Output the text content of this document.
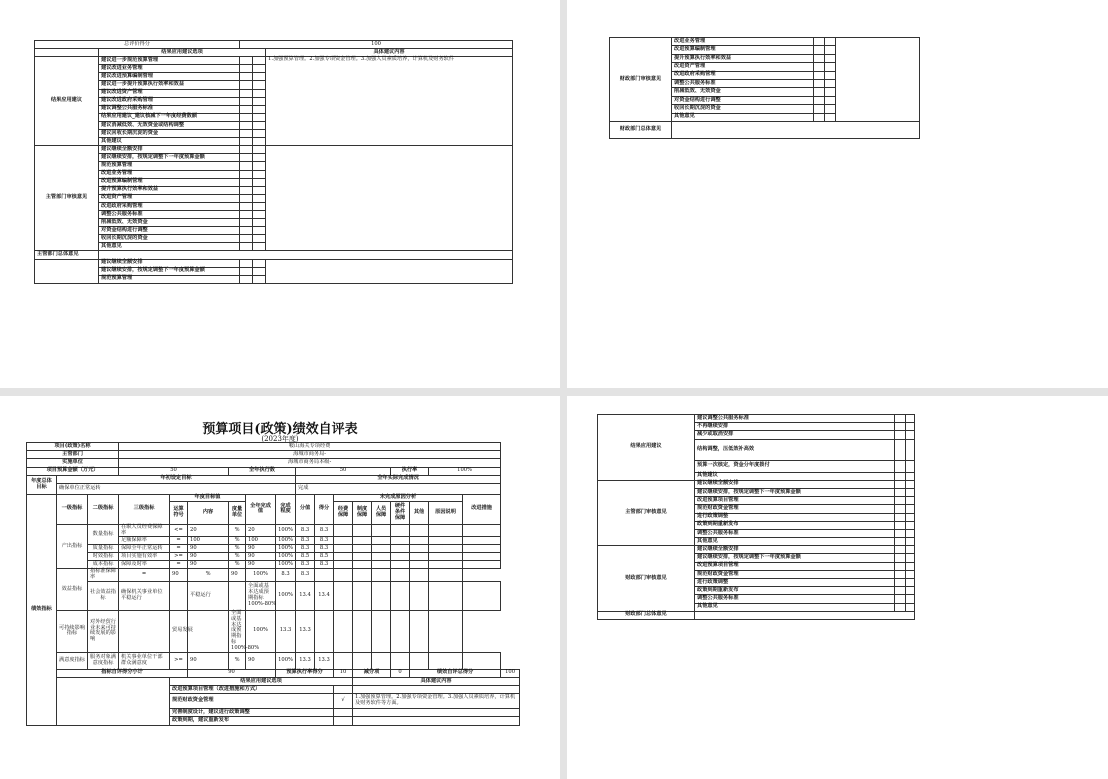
总评价得分		100		
	结果应用建议选项			具体建议内容
结果应用建议	建议进一步规范预算管理			1.加强预算管理。2.加强专项资金管理。3.加强人员素质培养，计算机及财务软件
	建议改进业务管理			
	建议改进预算编制管理			
	建议进一步提升预算执行效率和效益			
	建议改进资产管理			
	建议改进政府采购管理			
	建议调整公共服务标准			
	结果应用建议_建议核减下一年度经费数额			
	建议消减低效、无效资金或结构调整			
	建议回收长期沉淀的资金			
	其他建议			
主管部门审核意见	建议继续全额安排			
	建议继续安排，按规定调整下一年度预算金额			
	规范预算管理			
	改进业务管理			
	改进预算编制管理			
	提升预算执行效率和效益			
	改进资产管理			
	改进政府采购管理			
	调整公共服务标准			
	削减低效、无效资金			
	对资金结构进行调整			
	收回长期沉淀的资金			
	其他意见			
主管部门总体意见				
	建议继续全额安排			
	建议继续安排，按规定调整下一年度预算金额			
	规范预算管理			
财政部门审核意见	改进业务管理			
	改进预算编制管理			
	提升预算执行效率和效益			
	改进资产管理			
	改进政府采购管理			
	调整公共服务标准			
	削减低效、无效资金			
	对资金结构进行调整			
	收回长期沉淀的资金			
	其他意见			
财政部门总体意见				
预算项目(政策)绩效自评表
(2023年度)
项目(政策)名称			鞍山海关专项经费															
主管部门			海城市商务局-															
实施单位			海城市商务局本级-															
项目预算金额（万元）			50			全年执行数			50					执行率		100%		
年度总体目标	年初设定目标								全年实际完成情况									
	确保单位正常运转								完成									
绩效指标	一级指标	二级指标	三级指标	年度目标值			全年完成值	完成程度	分值	得分	未完成原因分析						改进措施	
				运算符号	内容	度量单位					经费保障	制度保障	人员保障	硬件条件保障	其他	原因说明		
	产出指标	数量指标	在职人员经费保障率	<=	20	%	20	100%	8.3	8.3								
			足额保障率	=	100	%	100	100%	8.3	8.3								
		质量指标	保障全年正常运转	=	90	%	90	100%	8.3	8.3								
		时效指标	项目实施有效率	>=	90	%	90	100%	8.5	8.5								
		成本指标	保障及时率	=	90	%	90	100%	8.3	8.3								
	效益指标	指标准保障率	=	90	%	90	100%	8.3	8.3									
		社会效益指标	确保机关事业单位平稳运行		平稳运行		全面或基本达成预期指标100%-80%	100%	13.4	13.4								
	可持续影响指标	对外经贸行业未来可持续发展的影响		贸易发展		全面或基本达成预期指标100%-80%	100%	13.3	13.3									
	满意度指标	服务对象满意度指标	机关事业单位干部群众满意度	>=	90	%	90	100%	13.3	13.3								
	指标自评得分小计				90			预算执行率得分			10	减分项		0	绩效自评总得分			100
				结果应用建议选项								具体建议内容						
				改进预算项目管理（改进措施和方式）														
				规范财政资金管理							√	1.加强预算管理。2.加强专项资金管理。3.加强人员素质培养，计算机及财务软件等方面。						
				完善制度设计，建议进行政策调整														
				政策到期，建议重新发布														
结果应用建议	建议调整公共服务标准		
	不再继续安排		
	减少或取消安排		
	结构调整，压低效补高效		
	预算一次核定，资金分年度拨付		
	其他建议		
主管部门审核意见	建议继续全额安排		
	建议继续安排，按规定调整下一年度预算金额		
	改进预算项目管理		
	规范财政资金管理		
	进行政策调整		
	政策到期重新发布		
	调整公共服务标准		
	其他意见		
财政部门审核意见	建议继续全额安排		
	建议继续安排，按规定调整下一年度预算金额		
	改进预算项目管理		
	规范财政资金管理		
	进行政策调整		
	政策到期重新发布		
	调整公共服务标准		
	其他意见		
财政部门总体意见			
